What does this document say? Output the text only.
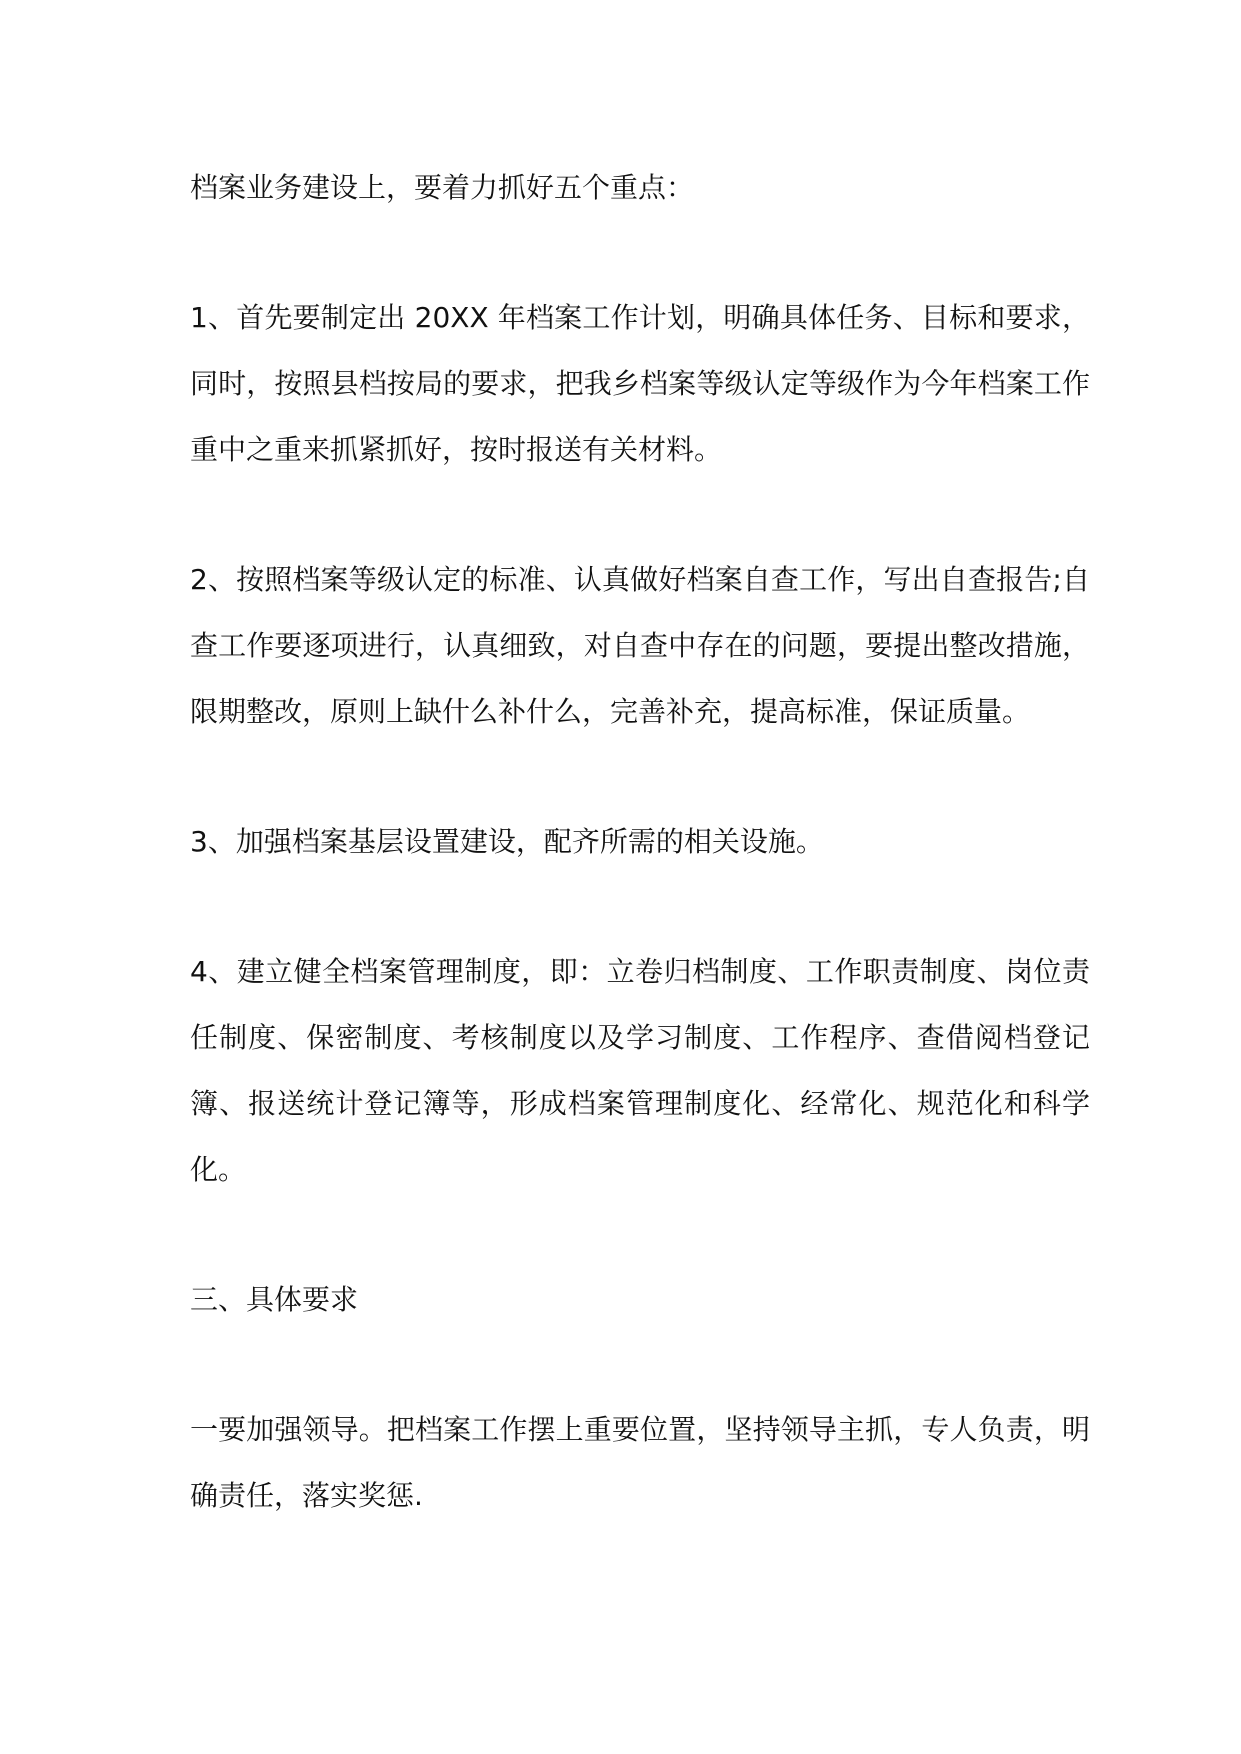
档案业务建设上，要着力抓好五个重点：

1、首先要制定出 20XX 年档案工作计划，明确具体任务、目标和要求，同时，按照县档按局的要求，把我乡档案等级认定等级作为今年档案工作重中之重来抓紧抓好，按时报送有关材料。

2、按照档案等级认定的标准、认真做好档案自查工作，写出自查报告;自查工作要逐项进行，认真细致，对自查中存在的问题，要提出整改措施，限期整改，原则上缺什么补什么，完善补充，提高标准，保证质量。

3、加强档案基层设置建设，配齐所需的相关设施。

4、建立健全档案管理制度，即：立卷归档制度、工作职责制度、岗位责任制度、保密制度、考核制度以及学习制度、工作程序、查借阅档登记簿、报送统计登记簿等，形成档案管理制度化、经常化、规范化和科学化。

三、具体要求

一要加强领导。把档案工作摆上重要位置，坚持领导主抓，专人负责，明确责任，落实奖惩.
